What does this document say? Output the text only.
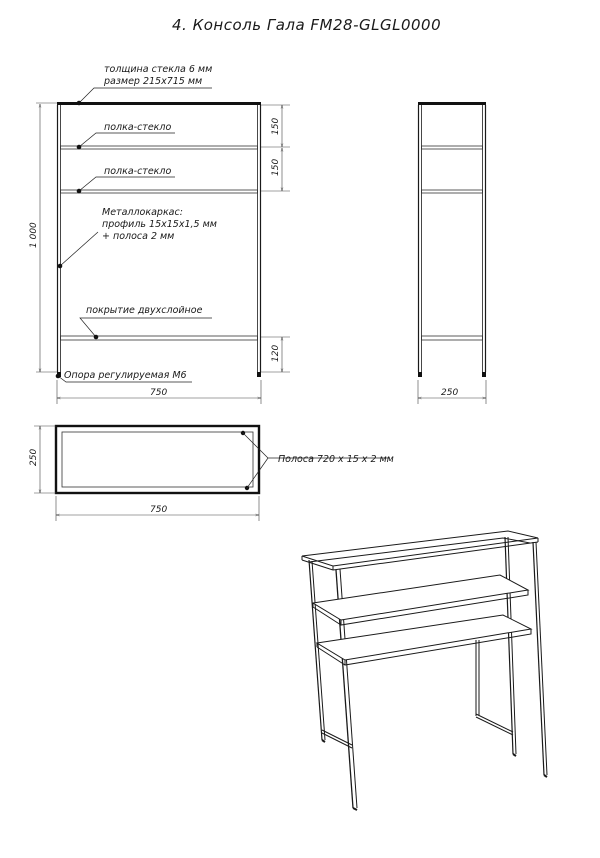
4. Консоль Гала FM28-GLGL0000
1 000
150
150
120
750
толщина стекла 6 мм
размер 215х715 мм
полка-стекло
полка-стекло
Металлокаркас:
профиль 15х15х1,5 мм
+ полоса 2 мм
покрытие двухслойное
Опора регулируемая М6
250
Полоса 720 х 15 х 2 мм
250
750
